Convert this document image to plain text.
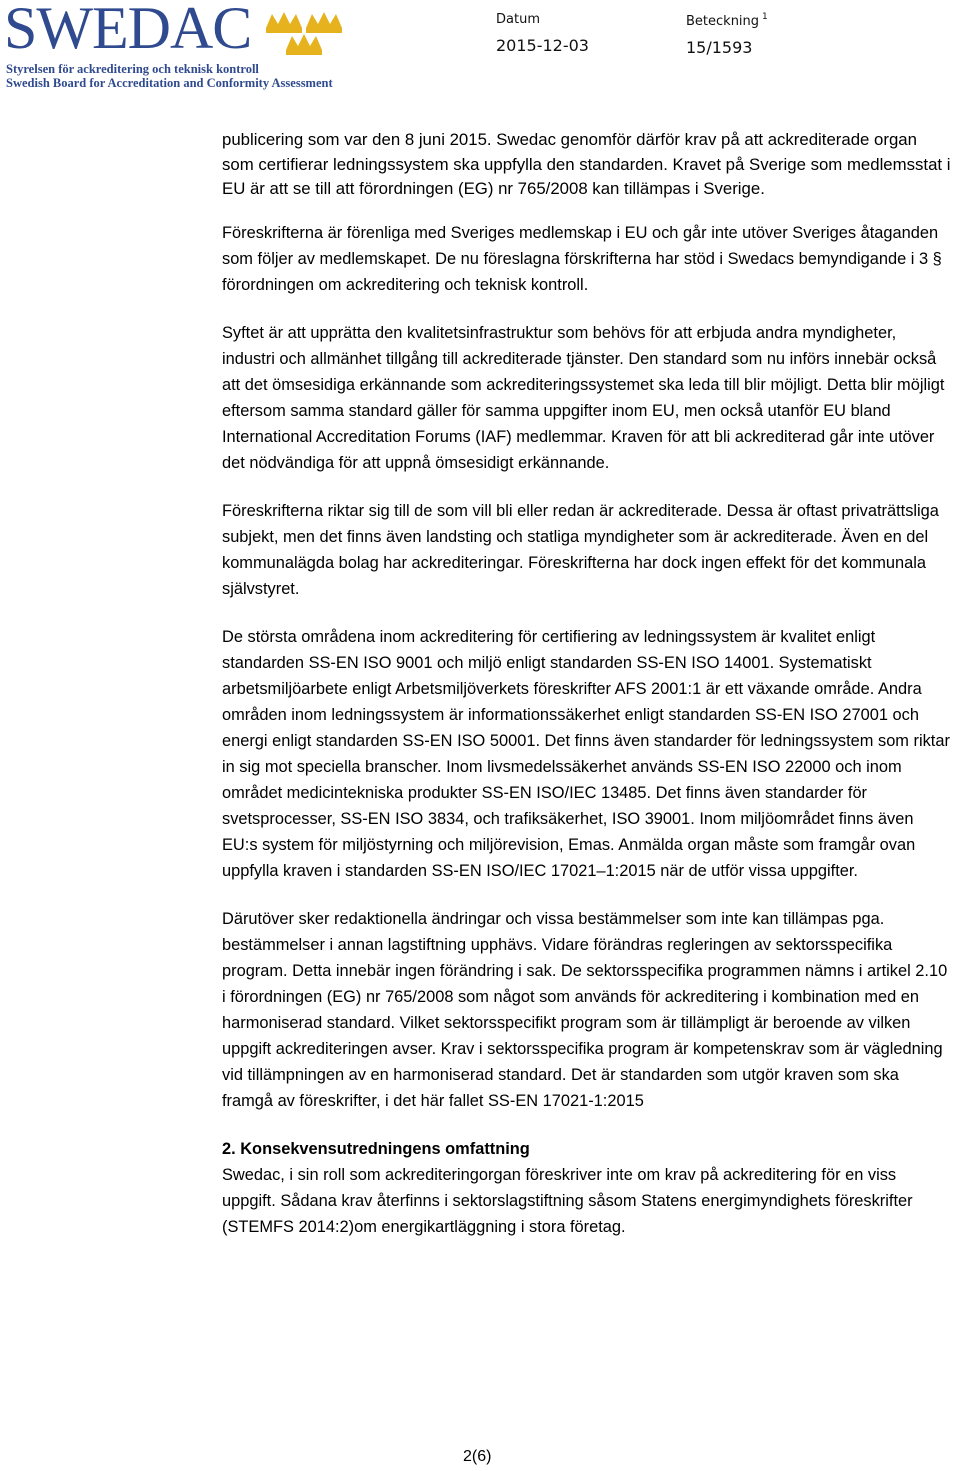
SWEDAC
Styrelsen för ackreditering och teknisk kontroll
Swedish Board for Accreditation and Conformity Assessment
Datum
2015-12-03
Beteckning $^1$
15/1593

publicering som var den 8 juni 2015. Swedac genomför därför krav på att ackrediterade organ som certifierar ledningssystem ska uppfylla den standarden. Kravet på Sverige som medlemsstat i EU är att se till att förordningen (EG) nr 765/2008 kan tillämpas i Sverige.

Föreskrifterna är förenliga med Sveriges medlemskap i EU och går inte utöver Sveriges åtaganden som följer av medlemskapet. De nu föreslagna förskrifterna har stöd i Swedacs bemyndigande i 3 § förordningen om ackreditering och teknisk kontroll.

Syftet är att upprätta den kvalitetsinfrastruktur som behövs för att erbjuda andra myndigheter, industri och allmänhet tillgång till ackrediterade tjänster. Den standard som nu införs innebär också att det ömsesidiga erkännande som ackrediteringssystemet ska leda till blir möjligt. Detta blir möjligt eftersom samma standard gäller för samma uppgifter inom EU, men också utanför EU bland International Accreditation Forums (IAF) medlemmar. Kraven för att bli ackrediterad går inte utöver det nödvändiga för att uppnå ömsesidigt erkännande.

Föreskrifterna riktar sig till de som vill bli eller redan är ackrediterade. Dessa är oftast privaträttsliga subjekt, men det finns även landsting och statliga myndigheter som är ackrediterade. Även en del kommunalägda bolag har ackrediteringar. Föreskrifterna har dock ingen effekt för det kommunala självstyret.

De största områdena inom ackreditering för certifiering av ledningssystem är kvalitet enligt standarden SS-EN ISO 9001 och miljö enligt standarden SS-EN ISO 14001. Systematiskt arbetsmiljöarbete enligt Arbetsmiljöverkets föreskrifter AFS 2001:1 är ett växande område. Andra områden inom ledningssystem är informationssäkerhet enligt standarden SS-EN ISO 27001 och energi enligt standarden SS-EN ISO 50001. Det finns även standarder för ledningssystem som riktar in sig mot speciella branscher. Inom livsmedelssäkerhet används SS-EN ISO 22000 och inom området medicintekniska produkter SS-EN ISO/IEC 13485. Det finns även standarder för svetsprocesser, SS-EN ISO 3834, och trafiksäkerhet, ISO 39001. Inom miljöområdet finns även EU:s system för miljöstyrning och miljörevision, Emas. Anmälda organ måste som framgår ovan uppfylla kraven i standarden SS-EN ISO/IEC 17021–1:2015 när de utför vissa uppgifter.

Därutöver sker redaktionella ändringar och vissa bestämmelser som inte kan tillämpas pga. bestämmelser i annan lagstiftning upphävs. Vidare förändras regleringen av sektorsspecifika program. Detta innebär ingen förändring i sak. De sektorsspecifika programmen nämns i artikel 2.10 i förordningen (EG) nr 765/2008 som något som används för ackreditering i kombination med en harmoniserad standard. Vilket sektorsspecifikt program som är tillämpligt är beroende av vilken uppgift ackrediteringen avser. Krav i sektorsspecifika program är kompetenskrav som är vägledning vid tillämpningen av en harmoniserad standard. Det är standarden som utgör kraven som ska framgå av föreskrifter, i det här fallet SS-EN 17021-1:2015

2. Konsekvensutredningens omfattning

Swedac, i sin roll som ackrediteringorgan föreskriver inte om krav på ackreditering för en viss uppgift. Sådana krav återfinns i sektorslagstiftning såsom Statens energimyndighets föreskrifter (STEMFS 2014:2)om energikartläggning i stora företag.

2(6)
